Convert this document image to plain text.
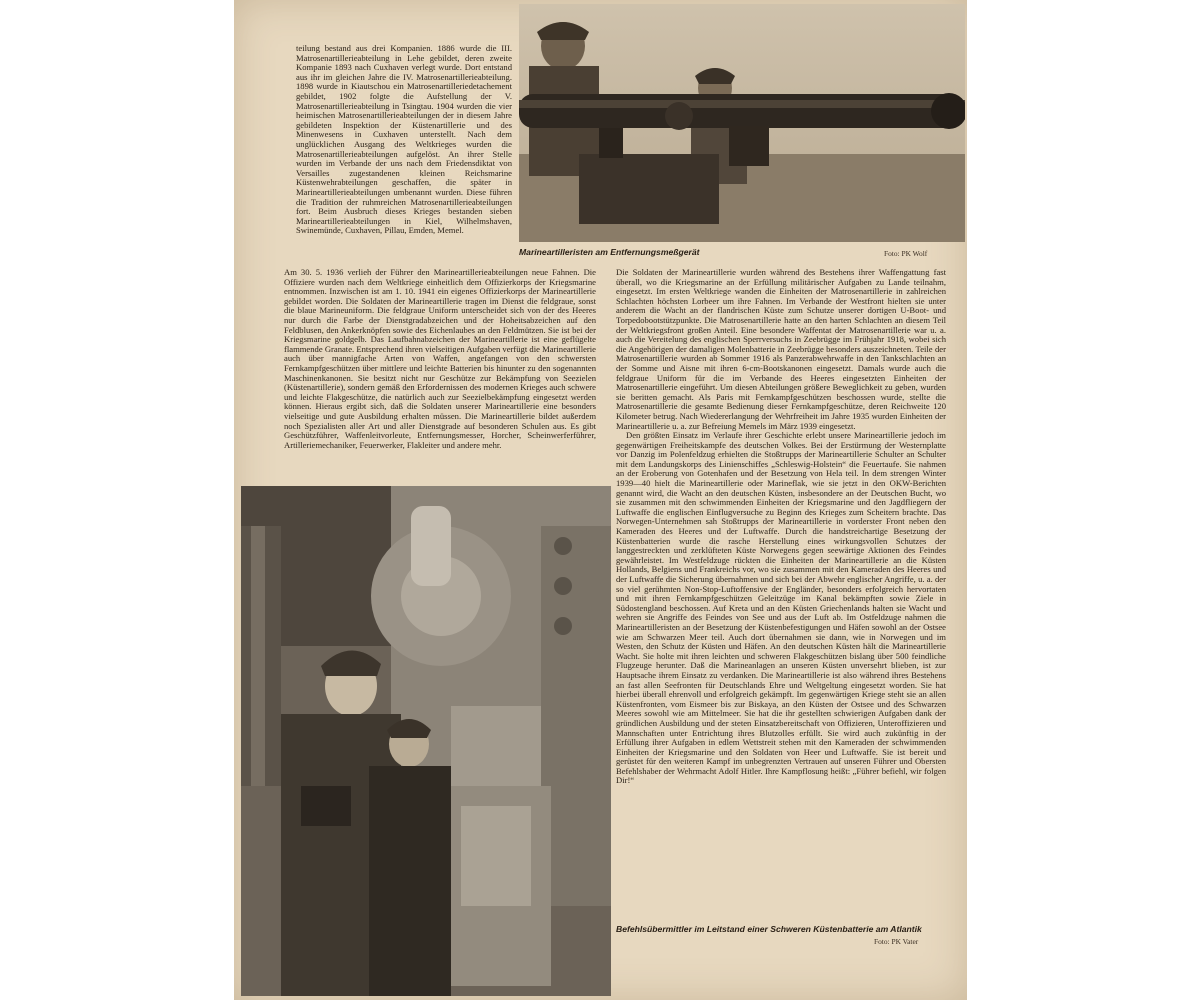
teilung bestand aus drei Kompanien. 1886 wurde die III. Matrosenartillerieabteilung in Lehe gebildet, deren zweite Kompanie 1893 nach Cuxhaven verlegt wurde. Dort entstand aus ihr im gleichen Jahre die IV. Matrosenartillerieabteilung. 1898 wurde in Kiautschou ein Matrosenartilleriedetachement gebildet, 1902 folgte die Aufstellung der V. Matrosenartillerieabteilung in Tsingtau. 1904 wurden die vier heimischen Matrosenartillerieabteilungen der in diesem Jahre gebildeten Inspektion der Küstenartillerie und des Minenwesens in Cuxhaven unterstellt. Nach dem unglücklichen Ausgang des Weltkrieges wurden die Matrosenartillerieabteilungen aufgelöst. An ihrer Stelle wurden im Verbande der uns nach dem Friedensdiktat von Versailles zugestandenen kleinen Reichsmarine Küstenwehrabteilungen geschaffen, die später in Marineartillerieabteilungen umbenannt wurden. Diese führen die Tradition der ruhmreichen Matrosenartillerieabteilungen fort. Beim Ausbruch dieses Krieges bestanden sieben Marineartillerieabteilungen in Kiel, Wilhelmshaven, Swinemünde, Cuxhaven, Pillau, Emden, Memel.

Marineartilleristen am Entfernungsmeßgerät	Foto: PK Wolf

Am 30. 5. 1936 verlieh der Führer den Marineartillerieabteilungen neue Fahnen. Die Offiziere wurden nach dem Weltkriege einheitlich dem Offizierkorps der Kriegsmarine entnommen. Inzwischen ist am 1. 10. 1941 ein eigenes Offizierkorps der Marineartillerie gebildet worden. Die Soldaten der Marineartillerie tragen im Dienst die feldgraue, sonst die blaue Marineuniform. Die feldgraue Uniform unterscheidet sich von der des Heeres nur durch die Farbe der Dienstgradabzeichen und der Hoheitsabzeichen auf den Feldblusen, den Ankerknöpfen sowie des Eichenlaubes an den Feldmützen. Sie ist bei der Kriegsmarine goldgelb. Das Laufbahnabzeichen der Marineartillerie ist eine geflügelte flammende Granate. Entsprechend ihren vielseitigen Aufgaben verfügt die Marineartillerie auch über mannigfache Arten von Waffen, angefangen von den schwersten Fernkampfgeschützen über mittlere und leichte Batterien bis hinunter zu den sogenannten Maschinenkanonen. Sie besitzt nicht nur Geschütze zur Bekämpfung von Seezielen (Küstenartillerie), sondern gemäß den Erfordernissen des modernen Krieges auch schwere und leichte Flakgeschütze, die natürlich auch zur Seezielbekämpfung eingesetzt werden können. Hieraus ergibt sich, daß die Soldaten unserer Marineartillerie eine besonders vielseitige und gute Ausbildung erhalten müssen. Die Marineartillerie bildet außerdem noch Spezialisten aller Art und aller Dienstgrade auf besonderen Schulen aus. Es gibt Geschützführer, Waffenleitvorleute, Entfernungsmesser, Horcher, Scheinwerferführer, Artilleriemechaniker, Feuerwerker, Flakleiter und andere mehr.

Die Soldaten der Marineartillerie wurden während des Bestehens ihrer Waffengattung fast überall, wo die Kriegsmarine an der Erfüllung militärischer Aufgaben zu Lande teilnahm, eingesetzt. Im ersten Weltkriege wanden die Einheiten der Matrosenartillerie in zahlreichen Schlachten höchsten Lorbeer um ihre Fahnen. Im Verbande der Westfront hielten sie unter anderem die Wacht an der flandrischen Küste zum Schutze unserer dortigen U-Boot- und Torpedobootstützpunkte. Die Matrosenartillerie hatte an den harten Schlachten an diesem Teil der Weltkriegsfront großen Anteil. Eine besondere Waffentat der Matrosenartillerie war u. a. auch die Vereitelung des englischen Sperrversuchs in Zeebrügge im Frühjahr 1918, wobei sich die Angehörigen der damaligen Molenbatterie in Zeebrügge besonders auszeichneten. Teile der Matrosenartillerie wurden ab Sommer 1916 als Panzerabwehrwaffe in den Tankschlachten an der Somme und Aisne mit ihren 6-cm-Bootskanonen eingesetzt. Damals wurde auch die feldgraue Uniform für die im Verbande des Heeres eingesetzten Einheiten der Matrosenartillerie eingeführt. Um diesen Abteilungen größere Beweglichkeit zu geben, wurden sie beritten gemacht. Als Paris mit Fernkampfgeschützen beschossen wurde, stellte die Matrosenartillerie die gesamte Bedienung dieser Fernkampfgeschütze, deren Reichweite 120 Kilometer betrug. Nach Wiedererlangung der Wehrfreiheit im Jahre 1935 wurden Einheiten der Marineartillerie u. a. zur Befreiung Memels im März 1939 eingesetzt.

Den größten Einsatz im Verlaufe ihrer Geschichte erlebt unsere Marineartillerie jedoch im gegenwärtigen Freiheitskampfe des deutschen Volkes. Bei der Erstürmung der Westernplatte vor Danzig im Polenfeldzug erhielten die Stoßtrupps der Marineartillerie Schulter an Schulter mit dem Landungskorps des Linienschiffes „Schleswig-Holstein“ die Feuertaufe. Sie nahmen an der Eroberung von Gotenhafen und der Besetzung von Hela teil. In dem strengen Winter 1939—40 hielt die Marineartillerie oder Marineflak, wie sie jetzt in den OKW-Berichten genannt wird, die Wacht an den deutschen Küsten, insbesondere an der Deutschen Bucht, wo sie zusammen mit den schwimmenden Einheiten der Kriegsmarine und den Jagdfliegern der Luftwaffe die englischen Einflugversuche zu Beginn des Krieges zum Scheitern brachte. Das Norwegen-Unternehmen sah Stoßtrupps der Marineartillerie in vorderster Front neben den Kameraden des Heeres und der Luftwaffe. Durch die handstreichartige Besetzung der Küstenbatterien wurde die rasche Herstellung eines wirkungsvollen Schutzes der langgestreckten und zerklüfteten Küste Norwegens gegen seewärtige Aktionen des Feindes gewährleistet. Im Westfeldzuge rückten die Einheiten der Marineartillerie an die Küsten Hollands, Belgiens und Frankreichs vor, wo sie zusammen mit den Kameraden des Heeres und der Luftwaffe die Sicherung übernahmen und sich bei der Abwehr englischer Angriffe, u. a. der so viel gerühmten Non-Stop-Luftoffensive der Engländer, besonders erfolgreich hervortaten und mit ihren Fernkampfgeschützen Geleitzüge im Kanal bekämpften sowie Ziele in Südostengland beschossen. Auf Kreta und an den Küsten Griechenlands halten sie Wacht und wehren sie Angriffe des Feindes von See und aus der Luft ab. Im Ostfeldzuge nahmen die Marineartilleristen an der Besetzung der Küstenbefestigungen und Häfen sowohl an der Ostsee wie am Schwarzen Meer teil. Auch dort übernahmen sie dann, wie in Norwegen und im Westen, den Schutz der Küsten und Häfen. An den deutschen Küsten hält die Marineartillerie Wacht. Sie holte mit ihren leichten und schweren Flakgeschützen bislang über 500 feindliche Flugzeuge herunter. Daß die Marineanlagen an unseren Küsten unversehrt blieben, ist zur Hauptsache ihrem Einsatz zu verdanken. Die Marineartillerie ist also während ihres Bestehens an fast allen Seefronten für Deutschlands Ehre und Weltgeltung eingesetzt worden. Sie hat hierbei überall ehrenvoll und erfolgreich gekämpft. Im gegenwärtigen Kriege steht sie an allen Küstenfronten, vom Eismeer bis zur Biskaya, an den Küsten der Ostsee und des Schwarzen Meeres sowohl wie am Mittelmeer. Sie hat die ihr gestellten schwierigen Aufgaben dank der gründlichen Ausbildung und der steten Einsatzbereitschaft von Offizieren, Unteroffizieren und Mannschaften unter Entrichtung ihres Blutzolles erfüllt. Sie wird auch zukünftig in der Erfüllung ihrer Aufgaben in edlem Wettstreit stehen mit den Kameraden der schwimmenden Einheiten der Kriegsmarine und den Soldaten von Heer und Luftwaffe. Sie ist bereit und gerüstet für den weiteren Kampf im unbegrenzten Vertrauen auf unseren Führer und Obersten Befehlshaber der Wehrmacht Adolf Hitler. Ihre Kampflosung heißt: „Führer befiehl, wir folgen Dir!“

Befehlsübermittler im Leitstand einer Schweren Küstenbatterie am Atlantik
Foto: PK Vater
